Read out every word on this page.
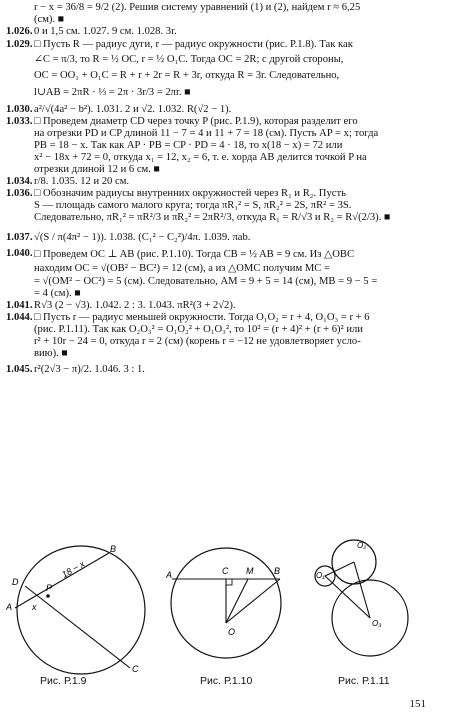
r − x = 36/8 = 9/2 (2). Решив систему уравнений (1) и (2), найдем r ≈ 6,25
(см). ■
1.026. 0 и 1,5 см. 1.027. 9 см. 1.028. 3r.
1.029. □ Пусть R — радиус дуги, r — радиус окружности (рис. Р.1.8). Так как
∠C = π/3, то R = ½ OC, r = ½ O₁C. Тогда OC = 2R; с другой стороны,
OC = OO₁ + O₁C = R + r + 2r = R + 3r, откуда R = 3r. Следовательно,
l∪AB = 2πR · ⅓ = 2π · 3r/3 = 2πr. ■
1.030. a²/√(4a² − b²). 1.031. 2 и √2. 1.032. R(√2 − 1).
1.033. □ Проведем диаметр CD через точку P (рис. Р.1.9), которая разделит его
на отрезки PD и CP длиной 11 − 7 = 4 и 11 + 7 = 18 (см). Пусть AP = x; тогда
PB = 18 − x. Так как AP · PB = CP · PD = 4 · 18, то x(18 − x) = 72 или
x² − 18x + 72 = 0, откуда x₁ = 12, x₂ = 6, т. е. хорда AB делится точкой P на
отрезки длиной 12 и 6 см. ■
1.034. r/8. 1.035. 12 и 20 см.
1.036. □ Обозначим радиусы внутренних окружностей через R₁ и R₂. Пусть
S — площадь самого малого круга; тогда πR₁² = S, πR₂² = 2S, πR² = 3S.
Следовательно, πR₁² = πR²/3 и πR₂² = 2πR²/3, откуда R₁ = R/√3 и R₂ = R√(2/3). ■
1.037. √(S / π(4π² − 1)). 1.038. (C₁² − C₂²)/4π. 1.039. πab.
1.040. □ Проведем OC ⊥ AB (рис. Р.1.10). Тогда CB = ½ AB = 9 см. Из △OBC
находим OC = √(OB² − BC²) = 12 (см), а из △OMC получим MC =
= √(OM² − OC²) = 5 (см). Следовательно, AM = 9 + 5 = 14 (см), MB = 9 − 5 =
= 4 (см). ■
1.041. R√3 (2 − √3). 1.042. 2 : 3. 1.043. πR²(3 + 2√2).
1.044. □ Пусть r — радиус меньшей окружности. Тогда O₁O₂ = r + 4, O₁O₃ = r + 6
(рис. Р.1.11). Так как O₂O₃² = O₁O₂² + O₁O₃², то 10² = (r + 4)² + (r + 6)² или
r² + 10r − 24 = 0, откуда r = 2 (см) (корень r = −12 не удовлетворяет усло-
вию). ■
1.045. r²(2√3 − π)/2. 1.046. 3 : 1.
D
B
P
A x
18 − x
C
A	C M B
O
O₂
O₁
O₃
Рис. Р.1.9	Рис. Р.1.10	Рис. Р.1.11
151
